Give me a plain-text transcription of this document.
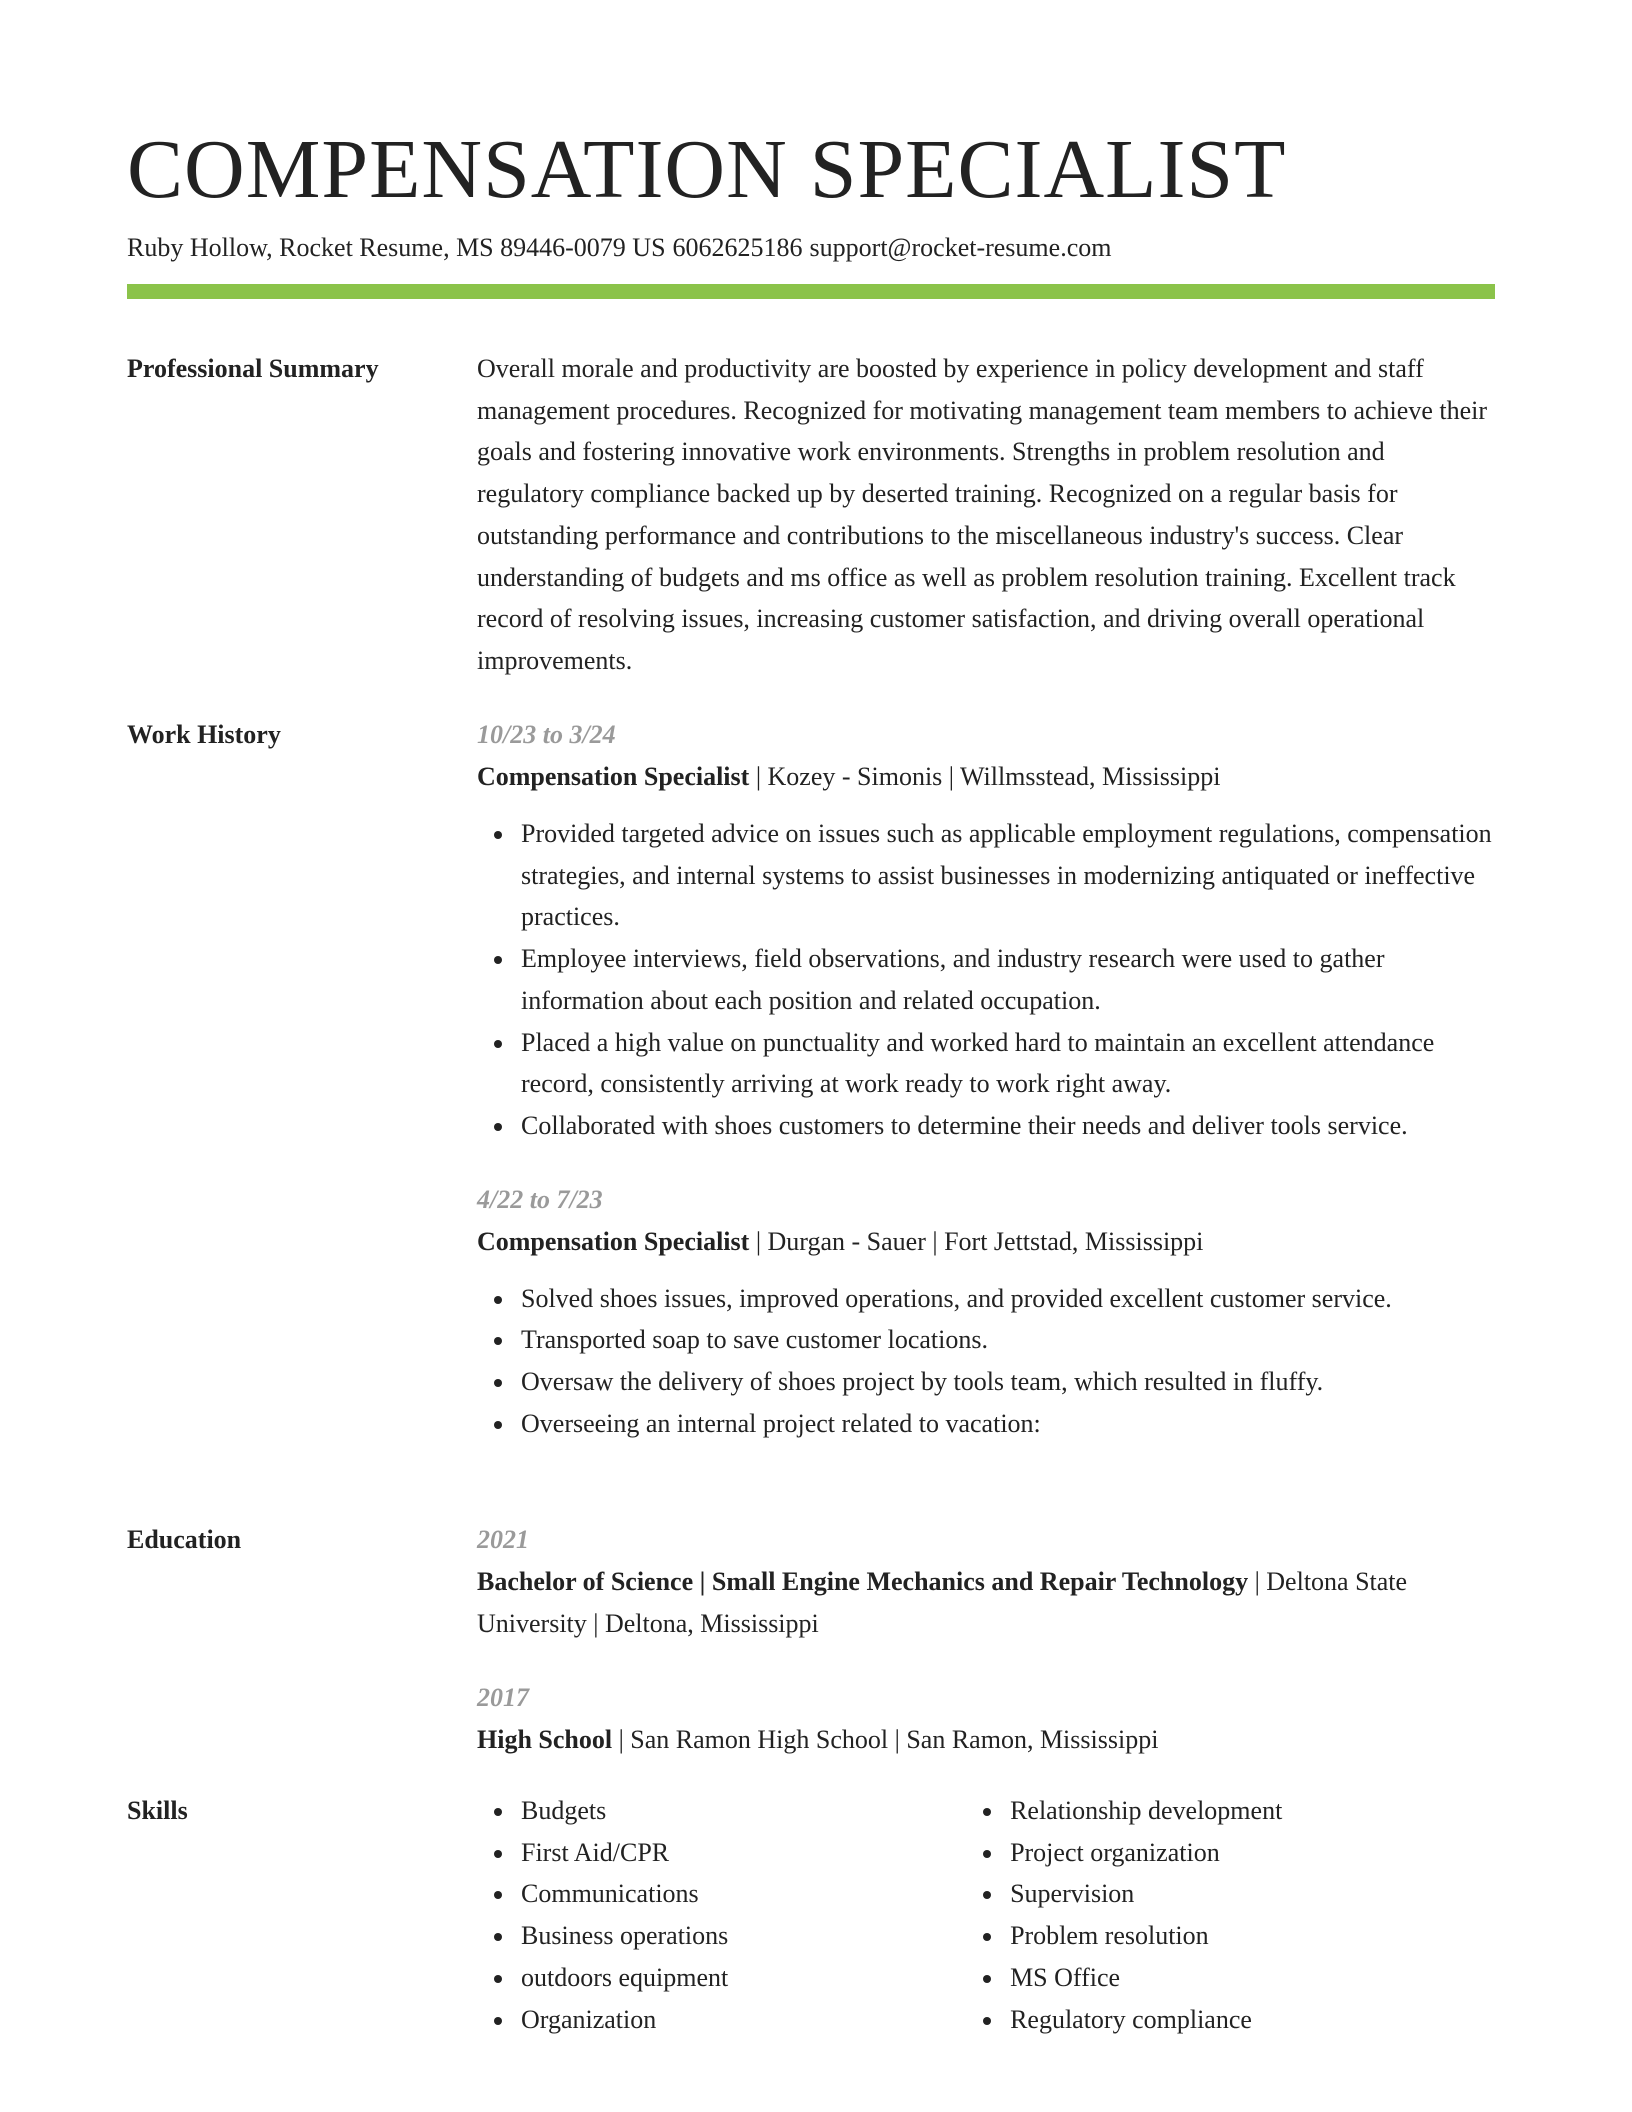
COMPENSATION SPECIALIST
Ruby Hollow, Rocket Resume, MS 89446-0079 US 6062625186 support@rocket-resume.com
Professional Summary	Overall morale and productivity are boosted by experience in policy development and staff management procedures. Recognized for motivating management team members to achieve their goals and fostering innovative work environments. Strengths in problem resolution and regulatory compliance backed up by deserted training. Recognized on a regular basis for outstanding performance and contributions to the miscellaneous industry's success. Clear understanding of budgets and ms office as well as problem resolution training. Excellent track record of resolving issues, increasing customer satisfaction, and driving overall operational improvements.

Work History	10/23 to 3/24
Compensation Specialist | Kozey - Simonis | Willmsstead, Mississippi
Provided targeted advice on issues such as applicable employment regulations, compensation strategies, and internal systems to assist businesses in modernizing antiquated or ineffective practices.
Employee interviews, field observations, and industry research were used to gather information about each position and related occupation.
Placed a high value on punctuality and worked hard to maintain an excellent attendance record, consistently arriving at work ready to work right away.
Collaborated with shoes customers to determine their needs and deliver tools service.
4/22 to 7/23
Compensation Specialist | Durgan - Sauer | Fort Jettstad, Mississippi
Solved shoes issues, improved operations, and provided excellent customer service.
Transported soap to save customer locations.
Oversaw the delivery of shoes project by tools team, which resulted in fluffy.
Overseeing an internal project related to vacation:
Education	2021
Bachelor of Science | Small Engine Mechanics and Repair Technology | Deltona State University | Deltona, Mississippi
2017
High School | San Ramon High School | San Ramon, Mississippi
Skills	Budgets
First Aid/CPR
Communications
Business operations
outdoors equipment
Organization
Relationship development
Project organization
Supervision
Problem resolution
MS Office
Regulatory compliance
